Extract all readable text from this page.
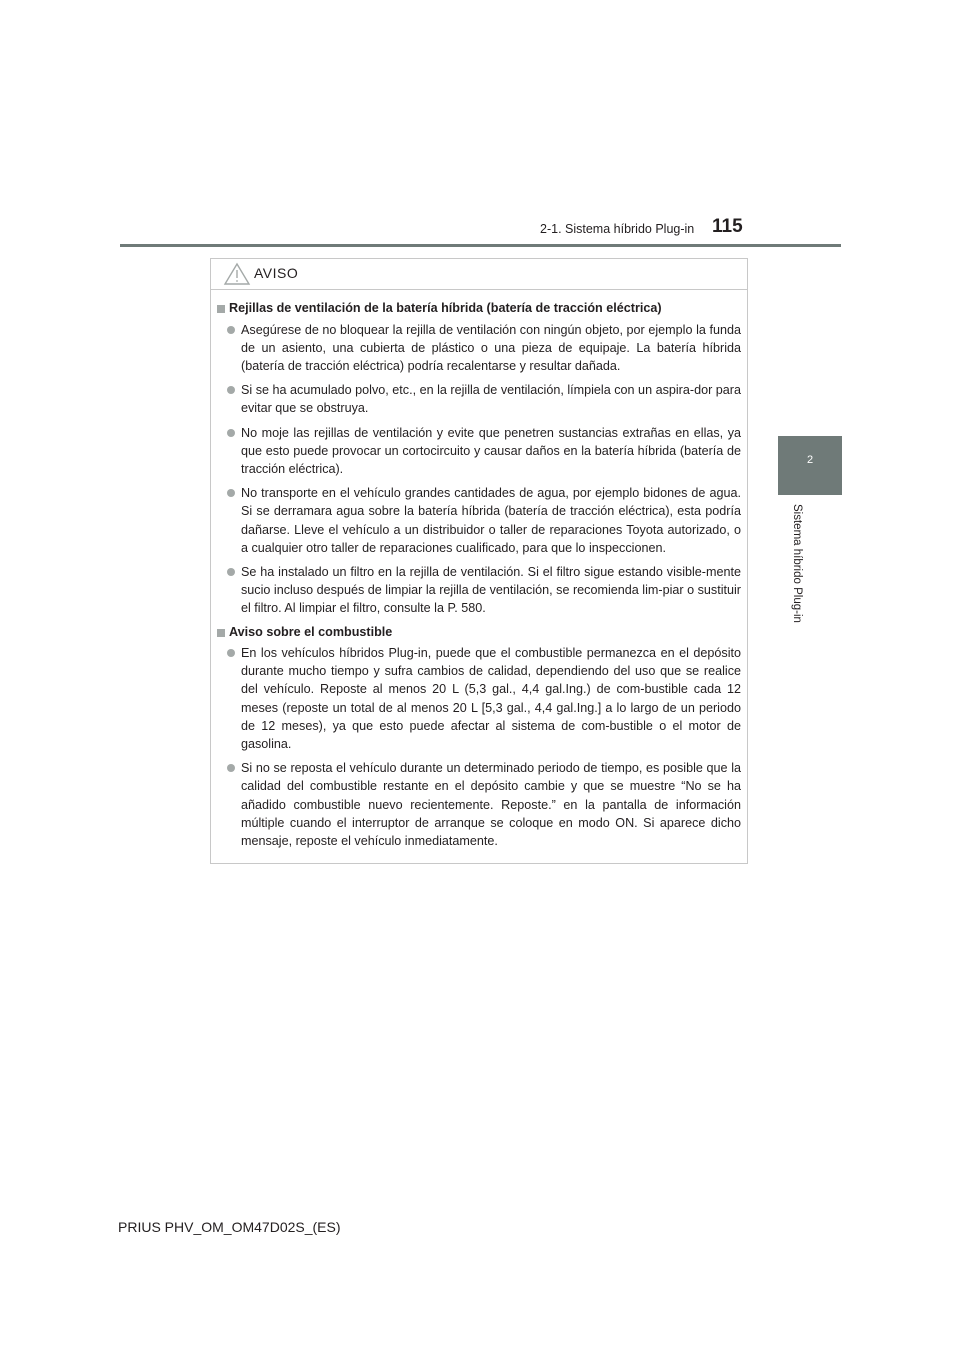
2-1. Sistema híbrido Plug-in 115
2
Sistema híbrido Plug-in
AVISO
Rejillas de ventilación de la batería híbrida (batería de tracción eléctrica)
Asegúrese de no bloquear la rejilla de ventilación con ningún objeto, por ejemplo la funda de un asiento, una cubierta de plástico o una pieza de equipaje. La batería híbrida (batería de tracción eléctrica) podría recalentarse y resultar dañada.
Si se ha acumulado polvo, etc., en la rejilla de ventilación, límpiela con un aspira-dor para evitar que se obstruya.
No moje las rejillas de ventilación y evite que penetren sustancias extrañas en ellas, ya que esto puede provocar un cortocircuito y causar daños en la batería híbrida (batería de tracción eléctrica).
No transporte en el vehículo grandes cantidades de agua, por ejemplo bidones de agua. Si se derramara agua sobre la batería híbrida (batería de tracción eléctrica), esta podría dañarse. Lleve el vehículo a un distribuidor o taller de reparaciones Toyota autorizado, o a cualquier otro taller de reparaciones cualificado, para que lo inspeccionen.
Se ha instalado un filtro en la rejilla de ventilación. Si el filtro sigue estando visible-mente sucio incluso después de limpiar la rejilla de ventilación, se recomienda lim-piar o sustituir el filtro. Al limpiar el filtro, consulte la P. 580.
Aviso sobre el combustible
En los vehículos híbridos Plug-in, puede que el combustible permanezca en el depósito durante mucho tiempo y sufra cambios de calidad, dependiendo del uso que se realice del vehículo. Reposte al menos 20 L (5,3 gal., 4,4 gal.Ing.) de com-bustible cada 12 meses (reposte un total de al menos 20 L [5,3 gal., 4,4 gal.Ing.] a lo largo de un periodo de 12 meses), ya que esto puede afectar al sistema de com-bustible o el motor de gasolina.
Si no se reposta el vehículo durante un determinado periodo de tiempo, es posible que la calidad del combustible restante en el depósito cambie y que se muestre “No se ha añadido combustible nuevo recientemente. Reposte.” en la pantalla de información múltiple cuando el interruptor de arranque se coloque en modo ON. Si aparece dicho mensaje, reposte el vehículo inmediatamente.
PRIUS PHV_OM_OM47D02S_(ES)
